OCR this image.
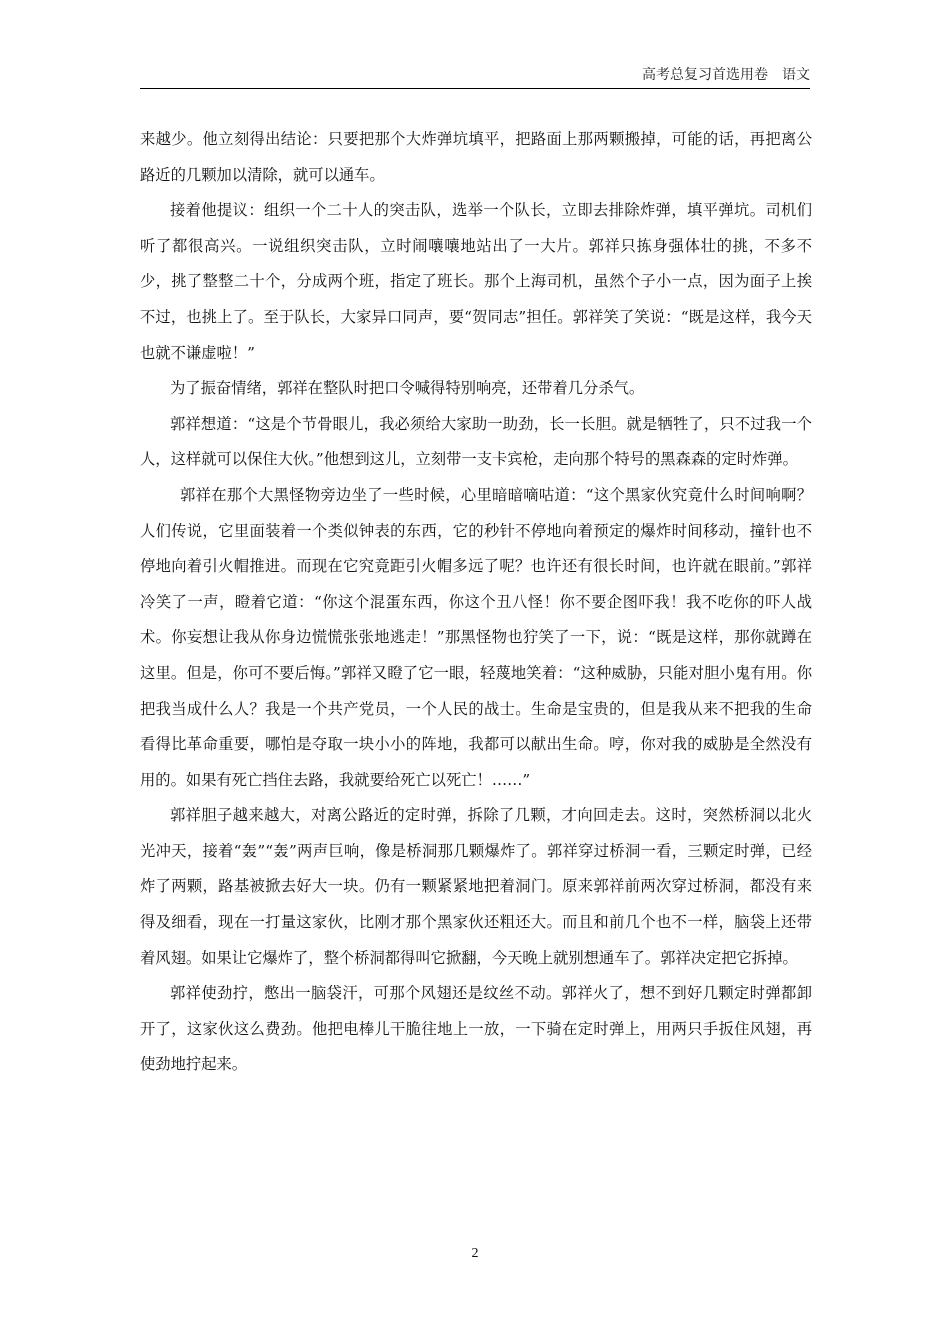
高考总复习首选用卷 语文

来越少。他立刻得出结论：只要把那个大炸弹坑填平，把路面上那两颗搬掉，可能的话，再把离公路近的几颗加以清除，就可以通车。

接着他提议：组织一个二十人的突击队，选举一个队长，立即去排除炸弹，填平弹坑。司机们听了都很高兴。一说组织突击队，立时闹嚷嚷地站出了一大片。郭祥只拣身强体壮的挑，不多不少，挑了整整二十个，分成两个班，指定了班长。那个上海司机，虽然个子小一点，因为面子上挨不过，也挑上了。至于队长，大家异口同声，要“贺同志”担任。郭祥笑了笑说：“既是这样，我今天也就不谦虚啦！”

为了振奋情绪，郭祥在整队时把口令喊得特别响亮，还带着几分杀气。

郭祥想道：“这是个节骨眼儿，我必须给大家助一助劲，长一长胆。就是牺牲了，只不过我一个人，这样就可以保住大伙。”他想到这儿，立刻带一支卡宾枪，走向那个特号的黑森森的定时炸弹。

郭祥在那个大黑怪物旁边坐了一些时候，心里暗暗嘀咕道：“这个黑家伙究竟什么时间响啊？人们传说，它里面装着一个类似钟表的东西，它的秒针不停地向着预定的爆炸时间移动，撞针也不停地向着引火帽推进。而现在它究竟距引火帽多远了呢？也许还有很长时间，也许就在眼前。”郭祥冷笑了一声，瞪着它道：“你这个混蛋东西，你这个丑八怪！你不要企图吓我！我不吃你的吓人战术。你妄想让我从你身边慌慌张张地逃走！”那黑怪物也狞笑了一下，说：“既是这样，那你就蹲在这里。但是，你可不要后悔。”郭祥又瞪了它一眼，轻蔑地笑着：“这种威胁，只能对胆小鬼有用。你把我当成什么人？我是一个共产党员，一个人民的战士。生命是宝贵的，但是我从来不把我的生命看得比革命重要，哪怕是夺取一块小小的阵地，我都可以献出生命。哼，你对我的威胁是全然没有用的。如果有死亡挡住去路，我就要给死亡以死亡！……”

郭祥胆子越来越大，对离公路近的定时弹，拆除了几颗，才向回走去。这时，突然桥洞以北火光冲天，接着“轰”“轰”两声巨响，像是桥洞那几颗爆炸了。郭祥穿过桥洞一看，三颗定时弹，已经炸了两颗，路基被掀去好大一块。仍有一颗紧紧地把着洞门。原来郭祥前两次穿过桥洞，都没有来得及细看，现在一打量这家伙，比刚才那个黑家伙还粗还大。而且和前几个也不一样，脑袋上还带着风翅。如果让它爆炸了，整个桥洞都得叫它掀翻，今天晚上就别想通车了。郭祥决定把它拆掉。

郭祥使劲拧，憋出一脑袋汗，可那个风翅还是纹丝不动。郭祥火了，想不到好几颗定时弹都卸开了，这家伙这么费劲。他把电棒儿干脆往地上一放，一下骑在定时弹上，用两只手扳住风翅，再使劲地拧起来。

2
